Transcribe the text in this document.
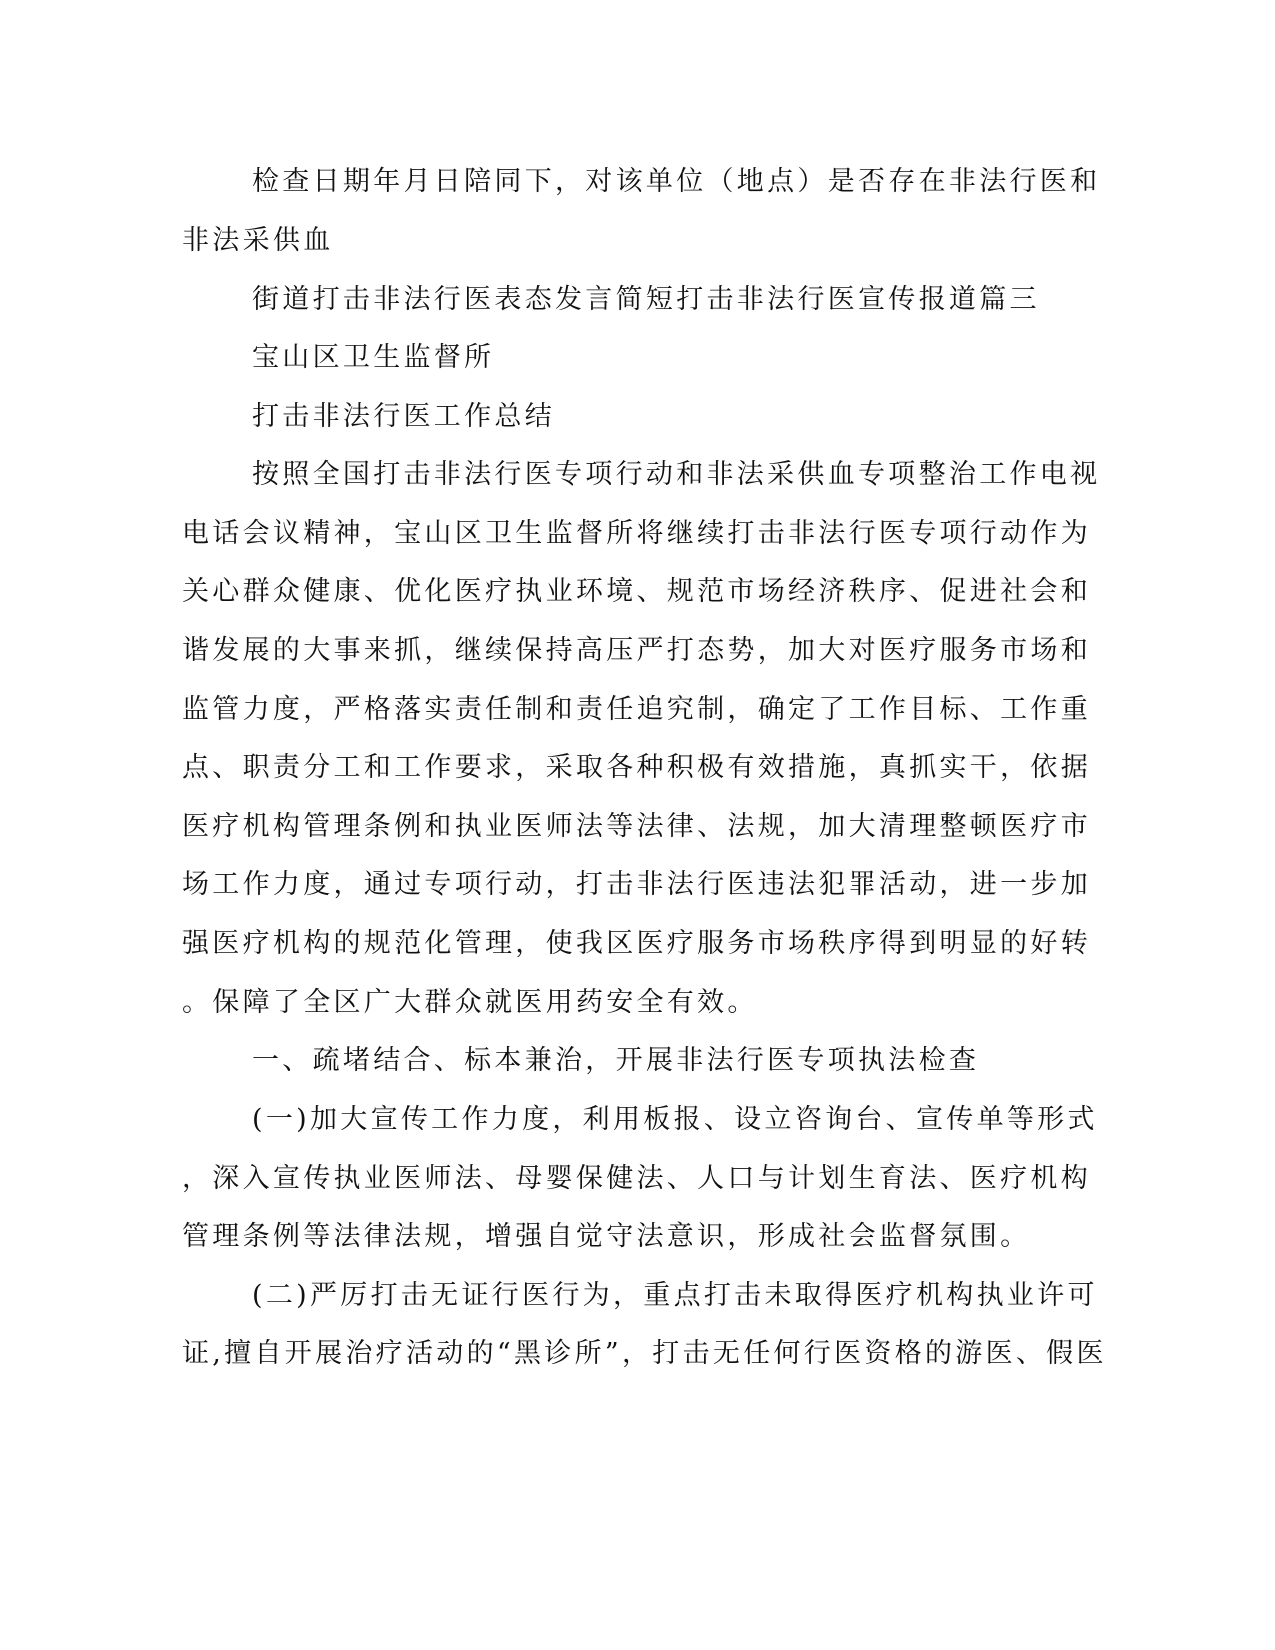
检查日期年月日陪同下，对该单位（地点）是否存在非法行医和
非法采供血
街道打击非法行医表态发言简短打击非法行医宣传报道篇三
宝山区卫生监督所
打击非法行医工作总结
按照全国打击非法行医专项行动和非法采供血专项整治工作电视
电话会议精神，宝山区卫生监督所将继续打击非法行医专项行动作为
关心群众健康、优化医疗执业环境、规范市场经济秩序、促进社会和
谐发展的大事来抓，继续保持高压严打态势，加大对医疗服务市场和
监管力度，严格落实责任制和责任追究制，确定了工作目标、工作重
点、职责分工和工作要求，采取各种积极有效措施，真抓实干，依据
医疗机构管理条例和执业医师法等法律、法规，加大清理整顿医疗市
场工作力度，通过专项行动，打击非法行医违法犯罪活动，进一步加
强医疗机构的规范化管理，使我区医疗服务市场秩序得到明显的好转
。保障了全区广大群众就医用药安全有效。
一、疏堵结合、标本兼治，开展非法行医专项执法检查
(一)加大宣传工作力度，利用板报、设立咨询台、宣传单等形式
，深入宣传执业医师法、母婴保健法、人口与计划生育法、医疗机构
管理条例等法律法规，增强自觉守法意识，形成社会监督氛围。
(二)严厉打击无证行医行为，重点打击未取得医疗机构执业许可
证,擅自开展治疗活动的“黑诊所”，打击无任何行医资格的游医、假医
